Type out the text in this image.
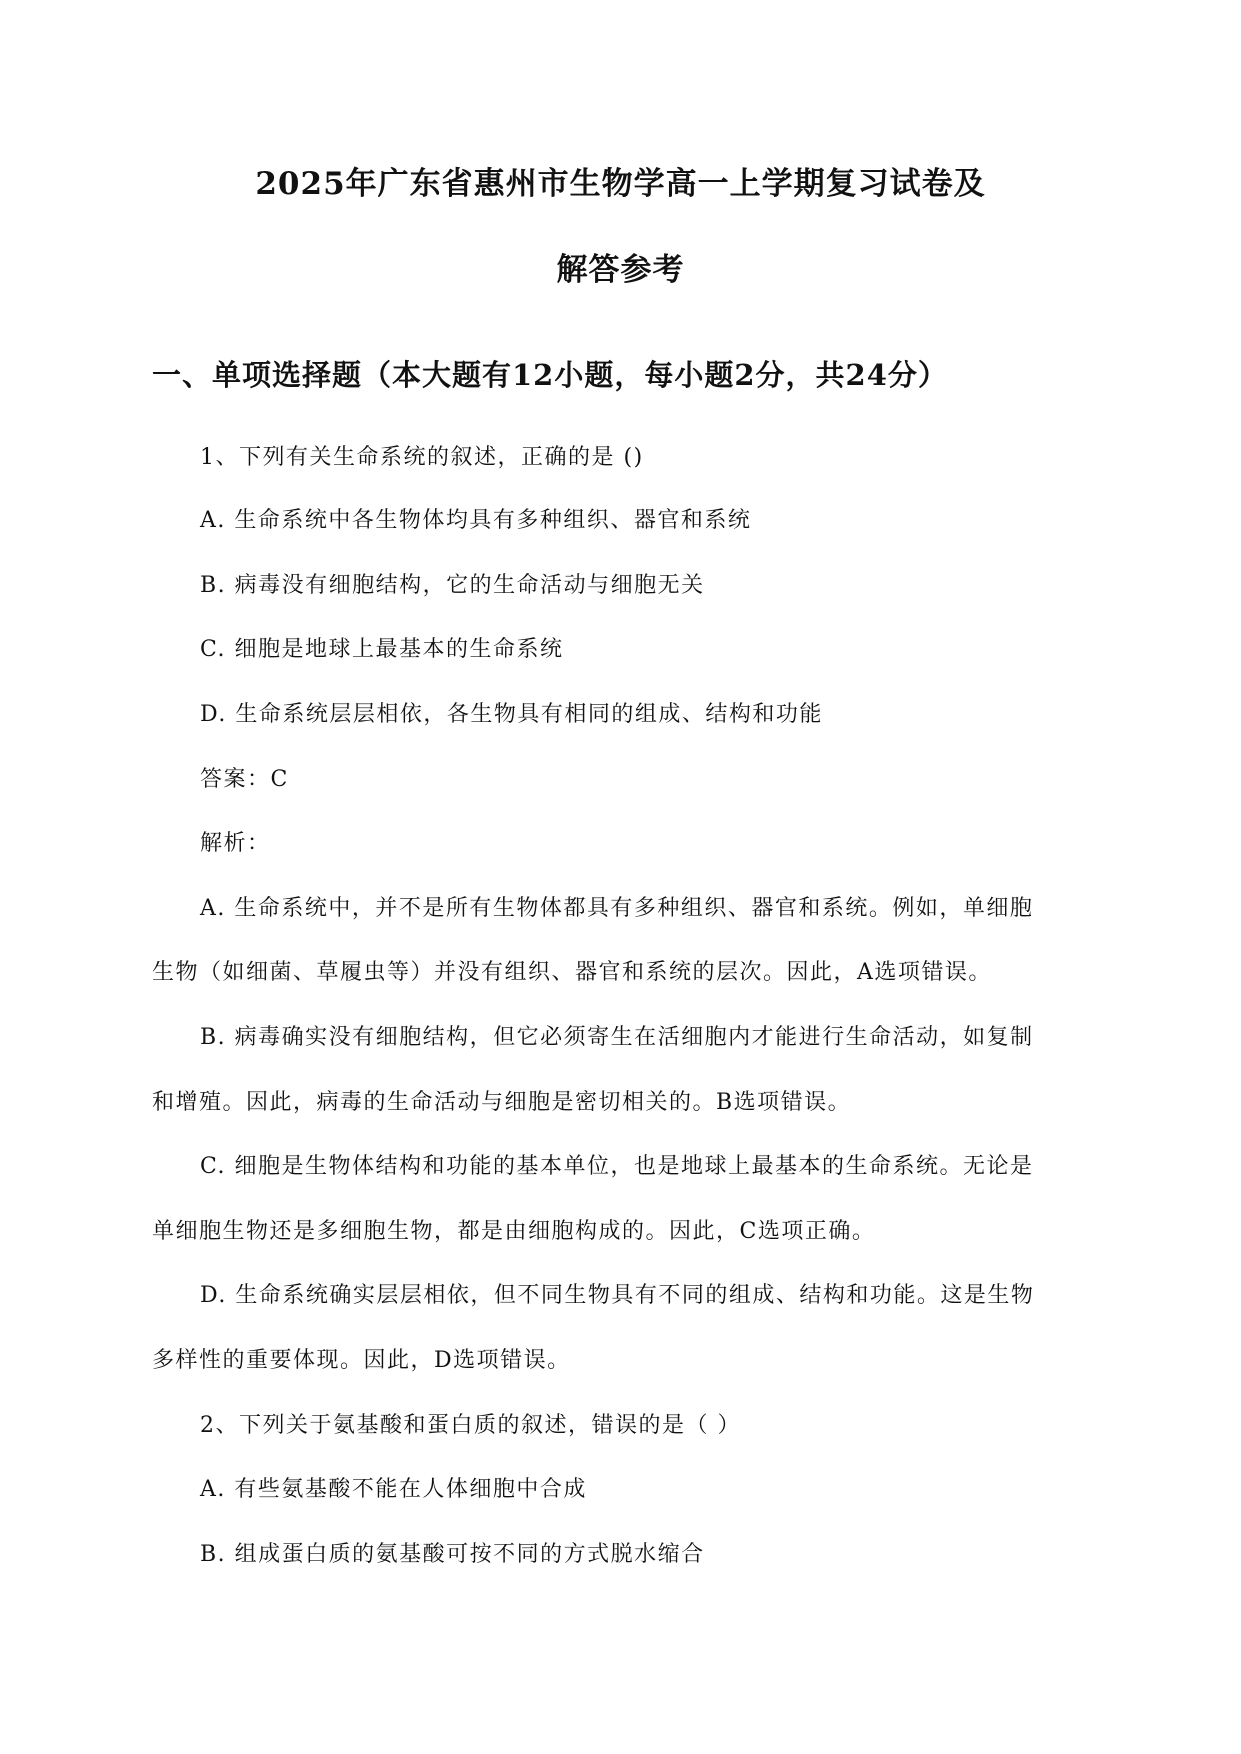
2025年广东省惠州市生物学高一上学期复习试卷及
解答参考
一、单项选择题（本大题有12小题，每小题2分，共24分）
1、下列有关生命系统的叙述，正确的是 ()
A. 生命系统中各生物体均具有多种组织、器官和系统
B. 病毒没有细胞结构，它的生命活动与细胞无关
C. 细胞是地球上最基本的生命系统
D. 生命系统层层相依，各生物具有相同的组成、结构和功能
答案：C
解析：
A. 生命系统中，并不是所有生物体都具有多种组织、器官和系统。例如，单细胞
生物（如细菌、草履虫等）并没有组织、器官和系统的层次。因此，A选项错误。
B. 病毒确实没有细胞结构，但它必须寄生在活细胞内才能进行生命活动，如复制
和增殖。因此，病毒的生命活动与细胞是密切相关的。B选项错误。
C. 细胞是生物体结构和功能的基本单位，也是地球上最基本的生命系统。无论是
单细胞生物还是多细胞生物，都是由细胞构成的。因此，C选项正确。
D. 生命系统确实层层相依，但不同生物具有不同的组成、结构和功能。这是生物
多样性的重要体现。因此，D选项错误。
2、下列关于氨基酸和蛋白质的叙述，错误的是（ ）
A. 有些氨基酸不能在人体细胞中合成
B. 组成蛋白质的氨基酸可按不同的方式脱水缩合
